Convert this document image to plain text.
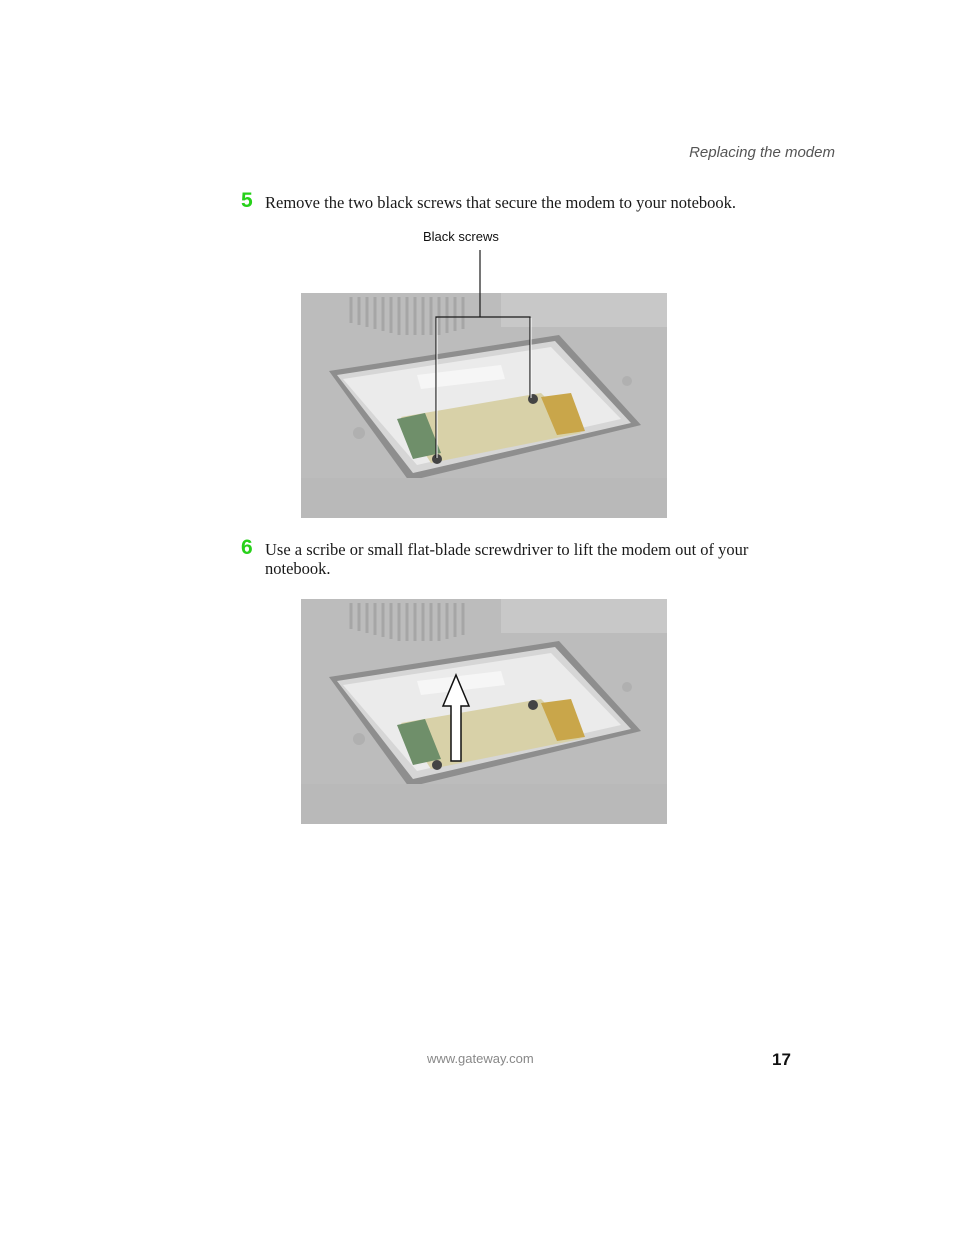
Replacing the modem
5 Remove the two black screws that secure the modem to your notebook.
Black screws
6 Use a scribe or small flat-blade screwdriver to lift the modem out of your notebook.
www.gateway.com	17
